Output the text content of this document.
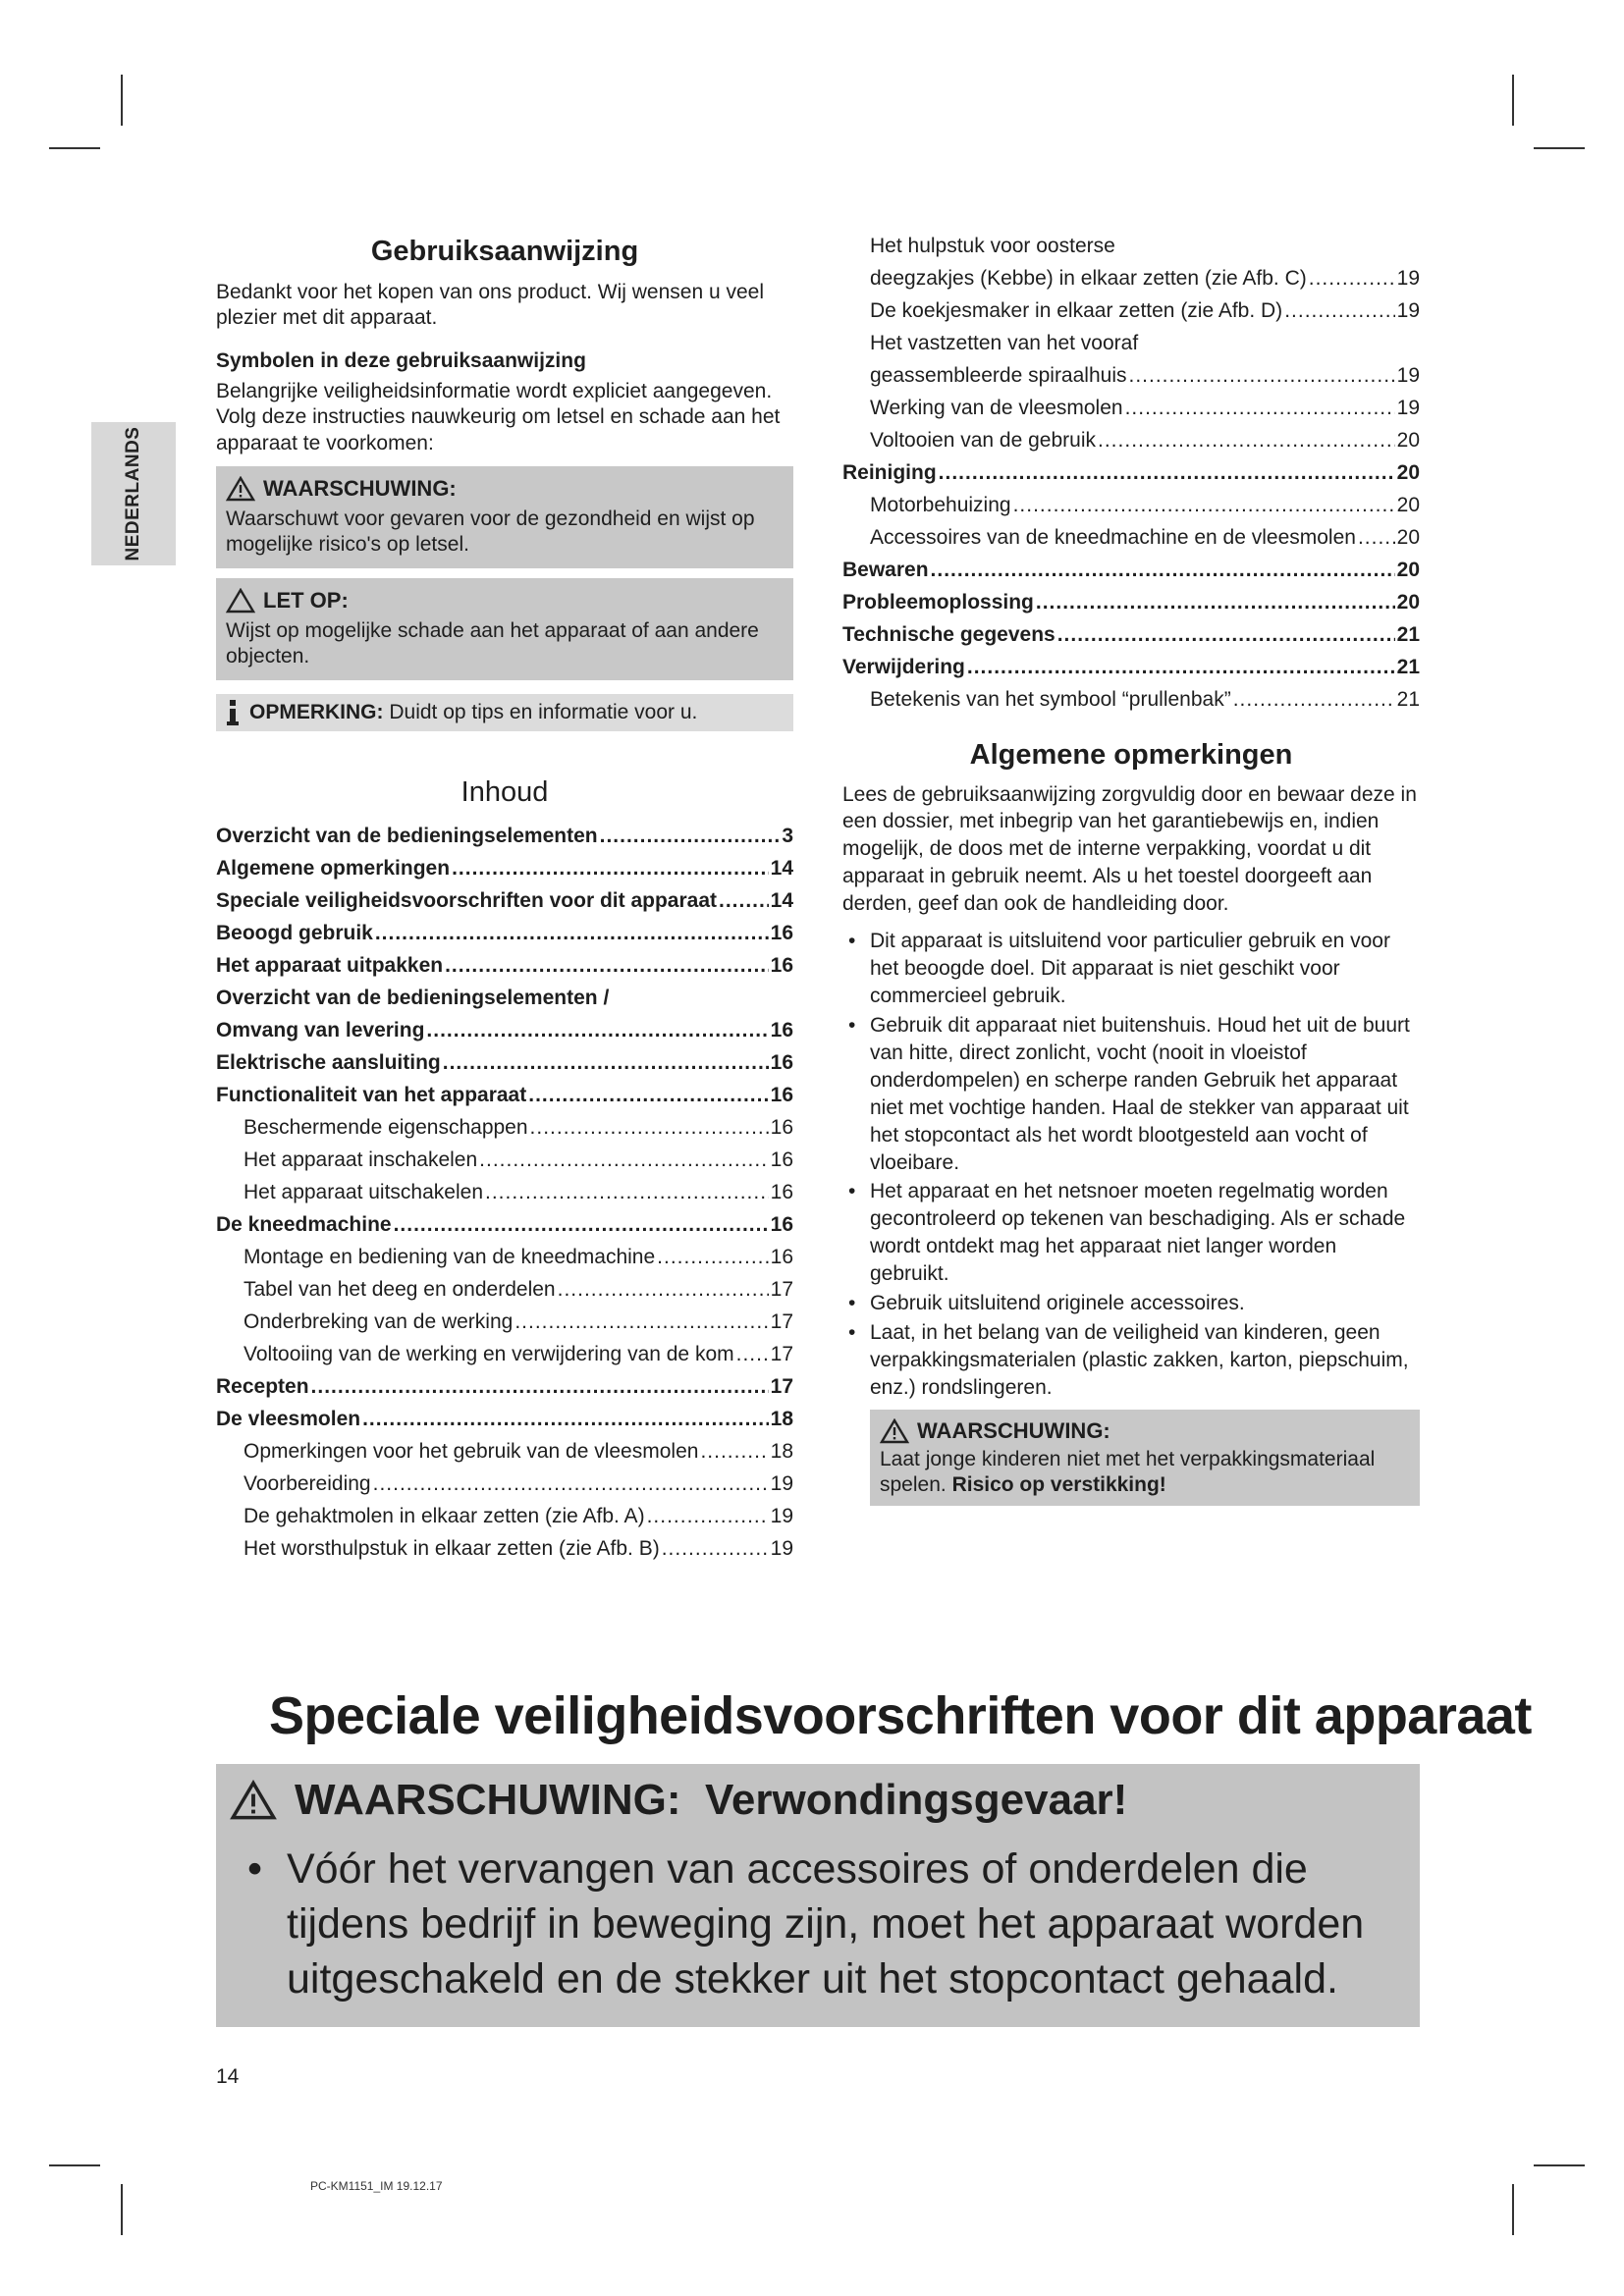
NEDERLANDS
Gebruiksaanwijzing

Bedankt voor het kopen van ons product. Wij wensen u veel plezier met dit apparaat.

Symbolen in deze gebruiksaanwijzing

Belangrijke veiligheidsinformatie wordt expliciet aangegeven. Volg deze instructies nauwkeurig om letsel en schade aan het apparaat te voorkomen:

WAARSCHUWING:

Waarschuwt voor gevaren voor de gezondheid en wijst op mogelijke risico's op letsel.

LET OP:

Wijst op mogelijke schade aan het apparaat of aan andere objecten.

OPMERKING: Duidt op tips en informatie voor u.
Inhoud
Overzicht van de bedieningselementen .....	3
Algemene opmerkingen .....	14
Speciale veiligheidsvoorschriften voor dit apparaat .....	14
Beoogd gebruik .....	16
Het apparaat uitpakken .....	16
Overzicht van de bedieningselementen /
Omvang van levering .....	16
Elektrische aansluiting .....	16
Functionaliteit van het apparaat .....	16
Beschermende eigenschappen .....	16
Het apparaat inschakelen .....	16
Het apparaat uitschakelen .....	16
De kneedmachine .....	16
Montage en bediening van de kneedmachine .....	16
Tabel van het deeg en onderdelen .....	17
Onderbreking van de werking .....	17
Voltooiing van de werking en verwijdering van de kom ..... 17
Recepten .....	17
De vleesmolen .....	18
Opmerkingen voor het gebruik van de vleesmolen .....	18
Voorbereiding .....	19
De gehaktmolen in elkaar zetten (zie Afb. A) .....	19
Het worsthulpstuk in elkaar zetten (zie Afb. B) .....	19
Het hulpstuk voor oosterse
deegzakjes (Kebbe) in elkaar zetten (zie Afb. C) .....	19
De koekjesmaker in elkaar zetten (zie Afb. D) .....	19
Het vastzetten van het vooraf
geassembleerde spiraalhuis .....	19
Werking van de vleesmolen .....	19
Voltooien van de gebruik .....	20
Reiniging .....	20
Motorbehuizing .....	20
Accessoires van de kneedmachine en de vleesmolen ..... 20
Bewaren .....	20
Probleemoplossing .....	20
Technische gegevens .....	21
Verwijdering .....	21
Betekenis van het symbool “prullenbak” .....	21
Algemene opmerkingen

Lees de gebruiksaanwijzing zorgvuldig door en bewaar deze in een dossier, met inbegrip van het garantiebewijs en, indien mogelijk, de doos met de interne verpakking, voordat u dit apparaat in gebruik neemt. Als u het toestel doorgeeft aan derden, geef dan ook de handleiding door.

• Dit apparaat is uitsluitend voor particulier gebruik en voor het beoogde doel. Dit apparaat is niet geschikt voor commercieel gebruik.
• Gebruik dit apparaat niet buitenshuis. Houd het uit de buurt van hitte, direct zonlicht, vocht (nooit in vloeistof onderdompelen) en scherpe randen Gebruik het apparaat niet met vochtige handen. Haal de stekker van apparaat uit het stopcontact als het wordt blootgesteld aan vocht of vloeibare.
• Het apparaat en het netsnoer moeten regelmatig worden gecontroleerd op tekenen van beschadiging. Als er schade wordt ontdekt mag het apparaat niet langer worden gebruikt.
• Gebruik uitsluitend originele accessoires.
• Laat, in het belang van de veiligheid van kinderen, geen verpakkingsmaterialen (plastic zakken, karton, piepschuim, enz.) rondslingeren.
WAARSCHUWING:

Laat jonge kinderen niet met het verpakkingsmateriaal spelen. Risico op verstikking!

Speciale veiligheidsvoorschriften voor dit apparaat
WAARSCHUWING:  Verwondingsgevaar!
• Vóór het vervangen van accessoires of onderdelen die tijdens bedrijf in beweging zijn, moet het apparaat worden uitgeschakeld en de stekker uit het stopcontact gehaald.
14
PC-KM1151_IM 19.12.17
